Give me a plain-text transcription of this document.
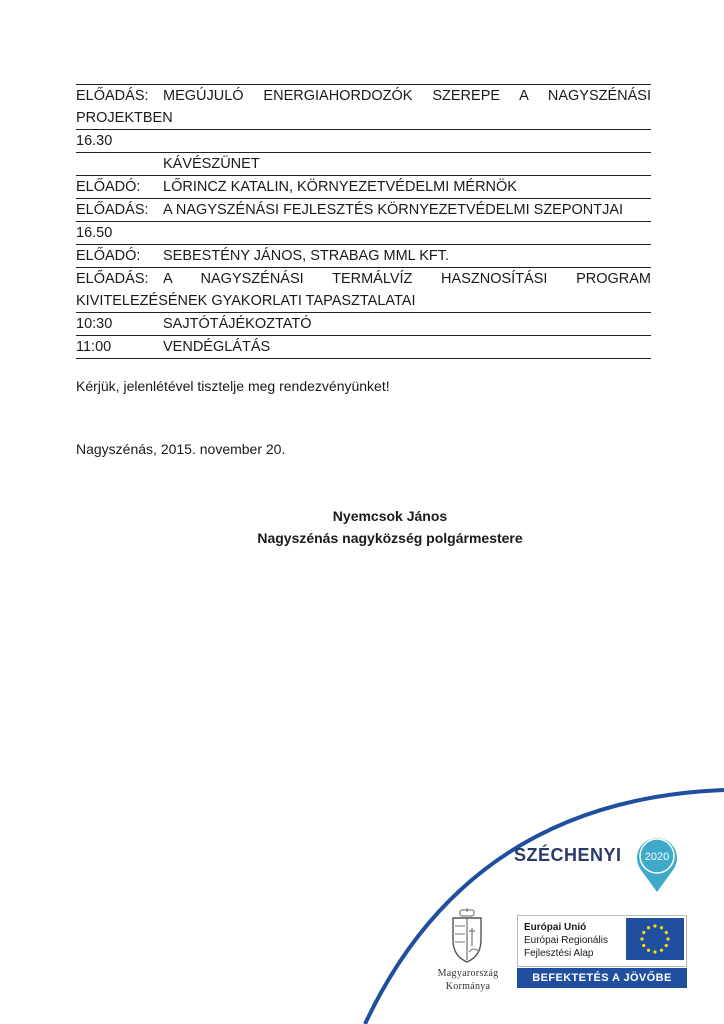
ELŐADÁS: MEGÚJULÓ ENERGIAHORDOZÓK SZEREPE A NAGYSZÉNÁSI PROJEKTBEN
16.30
KÁVÉSZÜNET
ELŐADÓ: LŐRINCZ KATALIN, KÖRNYEZETVÉDELMI MÉRNÖK
ELŐADÁS: A NAGYSZÉNÁSI FEJLESZTÉS KÖRNYEZETVÉDELMI SZEPONTJAI
16.50
ELŐADÓ: SEBESTÉNY JÁNOS, STRABAG MML KFT.
ELŐADÁS: A NAGYSZÉNÁSI TERMÁLVÍZ HASZNOSÍTÁSI PROGRAM KIVITELEZÉSÉNEK GYAKORLATI TAPASZTALATAI
10:30	SAJTÓTÁJÉKOZTATÓ
11:00	VENDÉGLÁTÁS
Kérjük, jelenlétével tisztelje meg rendezvényünket!
Nagyszénás, 2015. november 20.
Nyemcsok János
Nagyszénás nagyközség polgármestere
SZÉCHENYI 2020
Magyarország
Kormánya
Európai Unió
Európai Regionális
Fejlesztési Alap
BEFEKTETÉS A JÖVŐBE
